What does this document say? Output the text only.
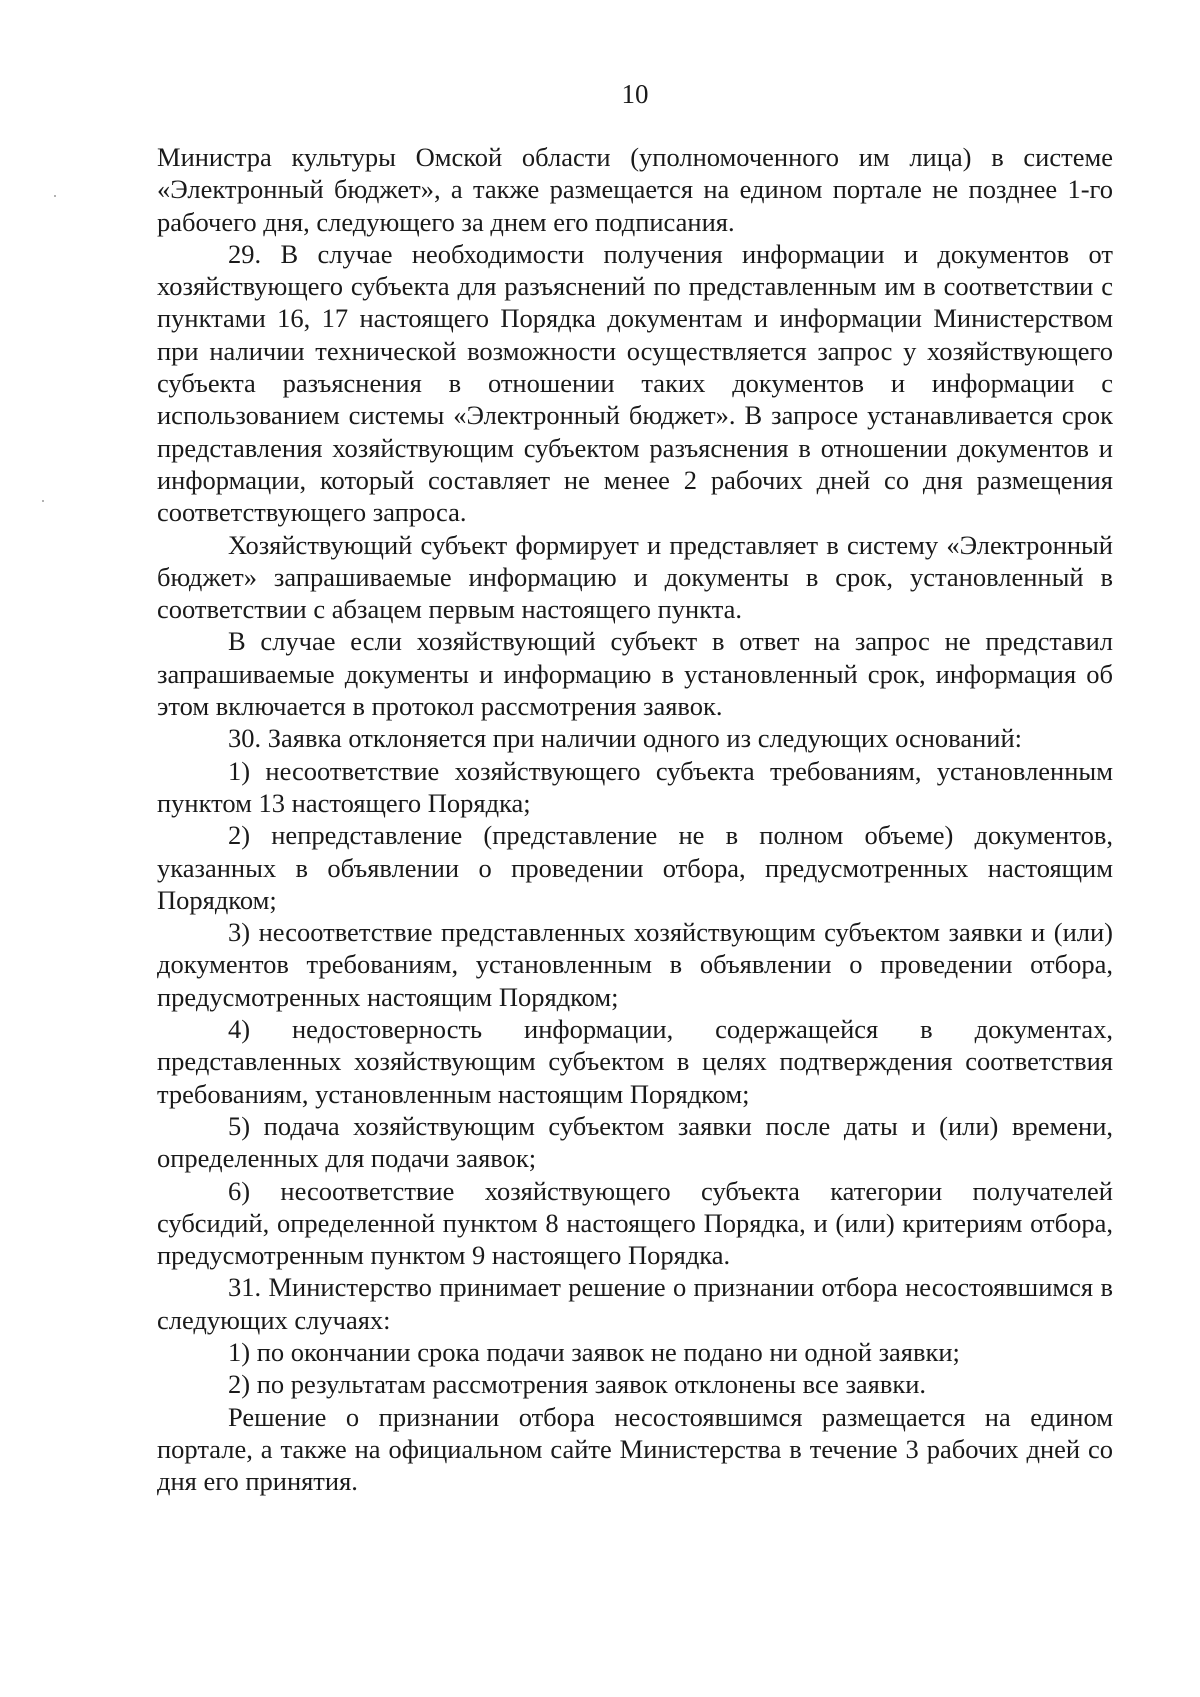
10

Министра культуры Омской области (уполномоченного им лица) в системе «Электронный бюджет», а также размещается на едином портале не позднее 1-го рабочего дня, следующего за днем его подписания.

29. В случае необходимости получения информации и документов от хозяйствующего субъекта для разъяснений по представленным им в соответствии с пунктами 16, 17 настоящего Порядка документам и информации Министерством при наличии технической возможности осуществляется запрос у хозяйствующего субъекта разъяснения в отношении таких документов и информации с использованием системы «Электронный бюджет». В запросе устанавливается срок представления хозяйствующим субъектом разъяснения в отношении документов и информации, который составляет не менее 2 рабочих дней со дня размещения соответствующего запроса.

Хозяйствующий субъект формирует и представляет в систему «Электронный бюджет» запрашиваемые информацию и документы в срок, установленный в соответствии с абзацем первым настоящего пункта.

В случае если хозяйствующий субъект в ответ на запрос не представил запрашиваемые документы и информацию в установленный срок, информация об этом включается в протокол рассмотрения заявок.

30. Заявка отклоняется при наличии одного из следующих оснований:

1) несоответствие хозяйствующего субъекта требованиям, установленным пунктом 13 настоящего Порядка;

2) непредставление (представление не в полном объеме) документов, указанных в объявлении о проведении отбора, предусмотренных настоящим Порядком;

3) несоответствие представленных хозяйствующим субъектом заявки и (или) документов требованиям, установленным в объявлении о проведении отбора, предусмотренных настоящим Порядком;

4) недостоверность информации, содержащейся в документах, представленных хозяйствующим субъектом в целях подтверждения соответствия требованиям, установленным настоящим Порядком;

5) подача хозяйствующим субъектом заявки после даты и (или) времени, определенных для подачи заявок;

6) несоответствие хозяйствующего субъекта категории получателей субсидий, определенной пунктом 8 настоящего Порядка, и (или) критериям отбора, предусмотренным пунктом 9 настоящего Порядка.

31. Министерство принимает решение о признании отбора несостоявшимся в следующих случаях:

1) по окончании срока подачи заявок не подано ни одной заявки;

2) по результатам рассмотрения заявок отклонены все заявки.

Решение о признании отбора несостоявшимся размещается на едином портале, а также на официальном сайте Министерства в течение 3 рабочих дней со дня его принятия.
